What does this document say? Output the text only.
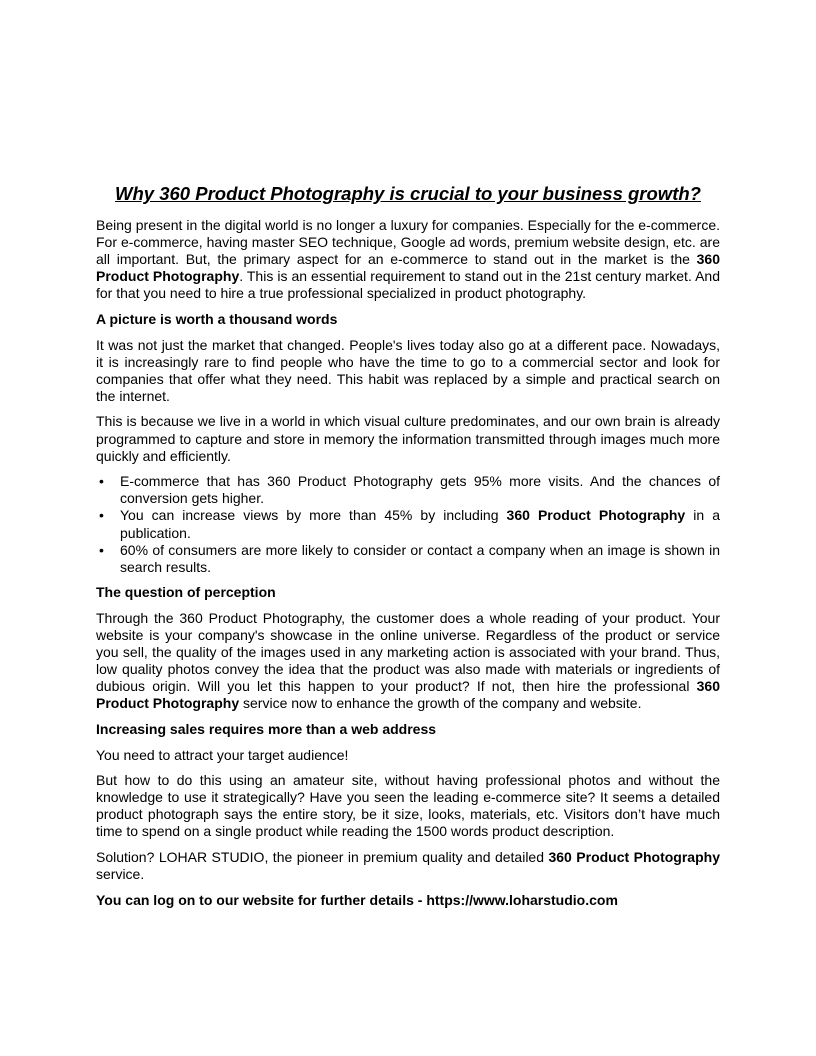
Why 360 Product Photography is crucial to your business growth?

Being present in the digital world is no longer a luxury for companies. Especially for the e-commerce. For e-commerce, having master SEO technique, Google ad words, premium website design, etc. are all important. But, the primary aspect for an e-commerce to stand out in the market is the 360 Product Photography. This is an essential requirement to stand out in the 21st century market. And for that you need to hire a true professional specialized in product photography.

A picture is worth a thousand words

It was not just the market that changed. People's lives today also go at a different pace. Nowadays, it is increasingly rare to find people who have the time to go to a commercial sector and look for companies that offer what they need. This habit was replaced by a simple and practical search on the internet.

This is because we live in a world in which visual culture predominates, and our own brain is already programmed to capture and store in memory the information transmitted through images much more quickly and efficiently.

• E-commerce that has 360 Product Photography gets 95% more visits. And the chances of conversion gets higher.
• You can increase views by more than 45% by including 360 Product Photography in a publication.
• 60% of consumers are more likely to consider or contact a company when an image is shown in search results.

The question of perception

Through the 360 Product Photography, the customer does a whole reading of your product. Your website is your company's showcase in the online universe. Regardless of the product or service you sell, the quality of the images used in any marketing action is associated with your brand. Thus, low quality photos convey the idea that the product was also made with materials or ingredients of dubious origin. Will you let this happen to your product? If not, then hire the professional 360 Product Photography service now to enhance the growth of the company and website.

Increasing sales requires more than a web address

You need to attract your target audience!

But how to do this using an amateur site, without having professional photos and without the knowledge to use it strategically? Have you seen the leading e-commerce site? It seems a detailed product photograph says the entire story, be it size, looks, materials, etc. Visitors don’t have much time to spend on a single product while reading the 1500 words product description.

Solution? LOHAR STUDIO, the pioneer in premium quality and detailed 360 Product Photography service.

You can log on to our website for further details - https://www.loharstudio.com
